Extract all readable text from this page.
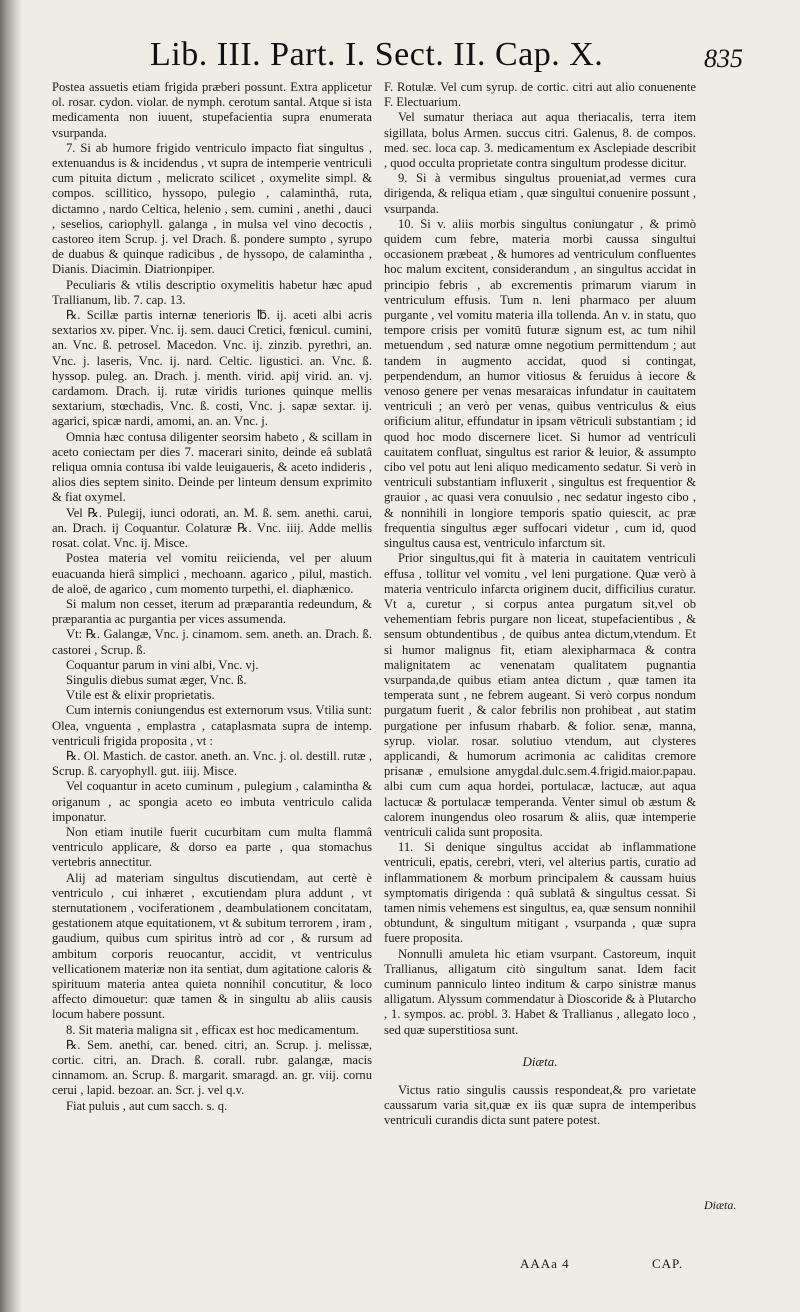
Lib. III. Part. I. Sect. II. Cap. X.	835

Postea assuetis etiam frigida præberi possunt. Extra applicetur ol. rosar. cydon. violar. de nymph. cerotum santal. Atque si ista medicamenta non iuuent, stupefacientia supra enumerata vsurpanda.

7. Si ab humore frigido ventriculo impacto fiat singultus , extenuandus is & incidendus , vt supra de intemperie ventriculi cum pituita dictum , melicrato scilicet , oxymelite simpl. & compos. scillitico, hyssopo, pulegio , calaminthâ, ruta, dictamno , nardo Celtica, helenio , sem. cumini , anethi , dauci , seselios, cariophyll. galanga , in mulsa vel vino decoctis , castoreo item Scrup. j. vel Drach. ß. pondere sumpto , syrupo de duabus & quinque radicibus , de hyssopo, de calamintha , Dianis. Diacimin. Diatrionpiper.

Peculiaris & vtilis descriptio oxymelitis habetur hæc apud Trallianum, lib. 7. cap. 13.

℞. Scillæ partis internæ tenerioris ℔. ij. aceti albi acris sextarios xv. piper. Vnc. ij. sem. dauci Cretici, fœnicul. cumini, an. Vnc. ß. petrosel. Macedon. Vnc. ij. zinzib. pyrethri, an. Vnc. j. laseris, Vnc. ij. nard. Celtic. ligustici. an. Vnc. ß. hyssop. puleg. an. Drach. j. menth. virid. apij virid. an. vj. cardamom. Drach. ij. rutæ viridis turiones quinque mellis sextarium, stœchadis, Vnc. ß. costi, Vnc. j. sapæ sextar. ij. agarici, spicæ nardi, amomi, an. an. Vnc. j.

Omnia hæc contusa diligenter seorsim habeto , & scillam in aceto coniectam per dies 7. macerari sinito, deinde eâ sublatâ reliqua omnia contusa ibi valde leuigaueris, & aceto indideris , alios dies septem sinito. Deinde per linteum densum exprimito & fiat oxymel.

Vel ℞. Pulegij, iunci odorati, an. M. ß. sem. anethi. carui, an. Drach. ij Coquantur. Colaturæ ℞. Vnc. iiij. Adde mellis rosat. colat. Vnc. ij. Misce.

Postea materia vel vomitu reiicienda, vel per aluum euacuanda hierâ simplici , mechoann. agarico , pilul, mastich. de aloë, de agarico , cum momento turpethi, el. diaphænico.

Si malum non cesset, iterum ad præparantia redeundum, & præparantia ac purgantia per vices assumenda.

Vt: ℞. Galangæ, Vnc. j. cinamom. sem. aneth. an. Drach. ß. castorei , Scrup. ß.

Coquantur parum in vini albi, Vnc. vj.

Singulis diebus sumat æger, Vnc. ß.

Vtile est & elixir proprietatis.

Cum internis coniungendus est externorum vsus. Vtilia sunt: Olea, vnguenta , emplastra , cataplasmata supra de intemp. ventriculi frigida proposita , vt :

℞. Ol. Mastich. de castor. aneth. an. Vnc. j. ol. destill. rutæ , Scrup. ß. caryophyll. gut. iiij. Misce.

Vel coquantur in aceto cuminum , pulegium , calamintha & origanum , ac spongia aceto eo imbuta ventriculo calida imponatur.

Non etiam inutile fuerit cucurbitam cum multa flammâ ventriculo applicare, & dorso ea parte , qua stomachus vertebris annectitur.

Alij ad materiam singultus discutiendam, aut certè è ventriculo , cui inhæret , excutiendam plura addunt , vt sternutationem , vociferationem , deambulationem concitatam, gestationem atque equitationem, vt & subitum terrorem , iram , gaudium, quibus cum spiritus intrò ad cor , & rursum ad ambitum corporis reuocantur, accidit, vt ventriculus vellicationem materiæ non ita sentiat, dum agitatione caloris & spirituum materia antea quieta nonnihil concutitur, & loco affecto dimouetur: quæ tamen & in singultu ab aliis causis locum habere possunt.

8. Sit materia maligna sit , efficax est hoc medicamentum.

℞. Sem. anethi, car. bened. citri, an. Scrup. j. melissæ, cortic. citri, an. Drach. ß. corall. rubr. galangæ, macis cinnamom. an. Scrup. ß. margarit. smaragd. an. gr. viij. cornu cerui , lapid. bezoar. an. Scr. j. vel q.v.

Fiat puluis , aut cum sacch. s. q.

F. Rotulæ. Vel cum syrup. de cortic. citri aut alio conuenente F. Electuarium.

Vel sumatur theriaca aut aqua theriacalis, terra item sigillata, bolus Armen. succus citri. Galenus, 8. de compos. med. sec. loca cap. 3. medicamentum ex Asclepiade describit , quod occulta proprietate contra singultum prodesse dicitur.

9. Si à vermibus singultus proueniat,ad vermes cura dirigenda, & reliqua etiam , quæ singultui conuenire possunt , vsurpanda.

10. Si v. aliis morbis singultus coniungatur , & primò quidem cum febre, materia morbi caussa singultui occasionem præbeat , & humores ad ventriculum confluentes hoc malum excitent, considerandum , an singultus accidat in principio febris , ab excrementis primarum viarum in ventriculum effusis. Tum n. leni pharmaco per aluum purgante , vel vomitu materia illa tollenda. An v. in statu, quo tempore crisis per vomitū futuræ signum est, ac tum nihil metuendum , sed naturæ omne negotium permittendum ; aut tandem in augmento accidat, quod si contingat, perpendendum, an humor vitiosus & feruidus à iecore & venoso genere per venas mesaraicas infundatur in cauitatem ventriculi ; an verò per venas, quibus ventriculus & eius orificium alitur, effundatur in ipsam vētriculi substantiam ; id quod hoc modo discernere licet. Si humor ad ventriculi cauitatem confluat, singultus est rarior & leuior, & assumpto cibo vel potu aut leni aliquo medicamento sedatur. Si verò in ventriculi substantiam influxerit , singultus est frequentior & grauior , ac quasi vera conuulsio , nec sedatur ingesto cibo , & nonnihili in longiore temporis spatio quiescit, ac præ frequentia singultus æger suffocari videtur , cum id, quod singultus causa est, ventriculo infarctum sit.

Prior singultus,qui fit à materia in cauitatem ventriculi effusa , tollitur vel vomitu , vel leni purgatione. Quæ verò à materia ventriculo infarcta originem ducit, difficilius curatur. Vt a, curetur , si corpus antea purgatum sit,vel ob vehementiam febris purgare non liceat, stupefacientibus , & sensum obtundentibus , de quibus antea dictum,vtendum. Et si humor malignus fit, etiam alexipharmaca & contra malignitatem ac venenatam qualitatem pugnantia vsurpanda,de quibus etiam antea dictum , quæ tamen ita temperata sunt , ne febrem augeant. Si verò corpus nondum purgatum fuerit , & calor febrilis non prohibeat , aut statim purgatione per infusum rhabarb. & folior. senæ, manna, syrup. violar. rosar. solutiuo vtendum, aut clysteres applicandi, & humorum acrimonia ac caliditas cremore prisanæ , emulsione amygdal.dulc.sem.4.frigid.maior.papau. albi cum cum aqua hordei, portulacæ, lactucæ, aut aqua lactucæ & portulacæ temperanda. Venter simul ob æstum & calorem inungendus oleo rosarum & aliis, quæ intemperie ventriculi calida sunt proposita.

11. Si denique singultus accidat ab inflammatione ventriculi, epatis, cerebri, vteri, vel alterius partis, curatio ad inflammationem & morbum principalem & caussam huius symptomatis dirigenda : quâ sublatâ & singultus cessat. Si tamen nimis vehemens est singultus, ea, quæ sensum nonnihil obtundunt, & singultum mitigant , vsurpanda , quæ supra fuere proposita.

Nonnulli amuleta hic etiam vsurpant. Castoreum, inquit Trallianus, alligatum citò singultum sanat. Idem facit cuminum panniculo linteo inditum & carpo sinistræ manus alligatum. Alyssum commendatur à Dioscoride & à Plutarcho , 1. sympos. ac. probl. 3. Habet & Trallianus , allegato loco , sed quæ superstitiosa sunt.

Diæta.

Victus ratio singulis caussis respondeat,& pro varietate caussarum varia sit,quæ ex iis quæ supra de intemperibus ventriculi curandis dicta sunt patere potest.

Diæta.
AAAa 4	CAP.
